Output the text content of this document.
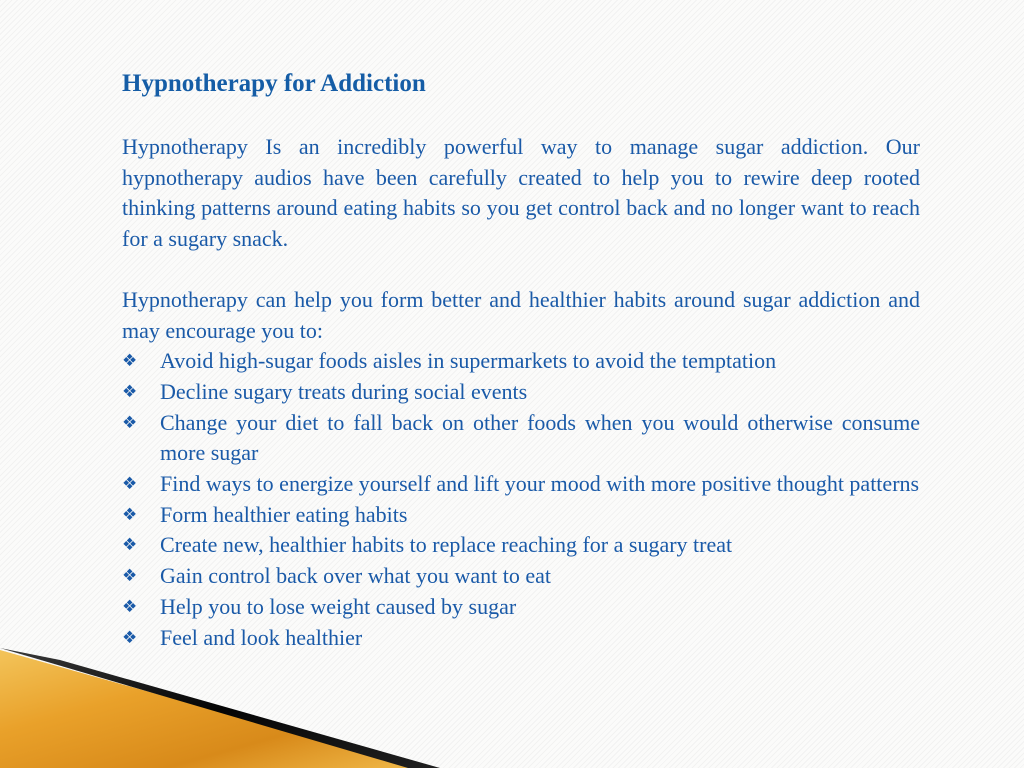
Hypnotherapy for Addiction

Hypnotherapy Is an incredibly powerful way to manage sugar addiction. Our hypnotherapy audios have been carefully created to help you to rewire deep rooted thinking patterns around eating habits so you get control back and no longer want to reach for a sugary snack.

Hypnotherapy can help you form better and healthier habits around sugar addiction and may encourage you to:

❖ Avoid high-sugar foods aisles in supermarkets to avoid the temptation
❖ Decline sugary treats during social events
❖ Change your diet to fall back on other foods when you would otherwise consume more sugar
❖ Find ways to energize yourself and lift your mood with more positive thought patterns
❖ Form healthier eating habits
❖ Create new, healthier habits to replace reaching for a sugary treat
❖ Gain control back over what you want to eat
❖ Help you to lose weight caused by sugar
❖ Feel and look healthier
